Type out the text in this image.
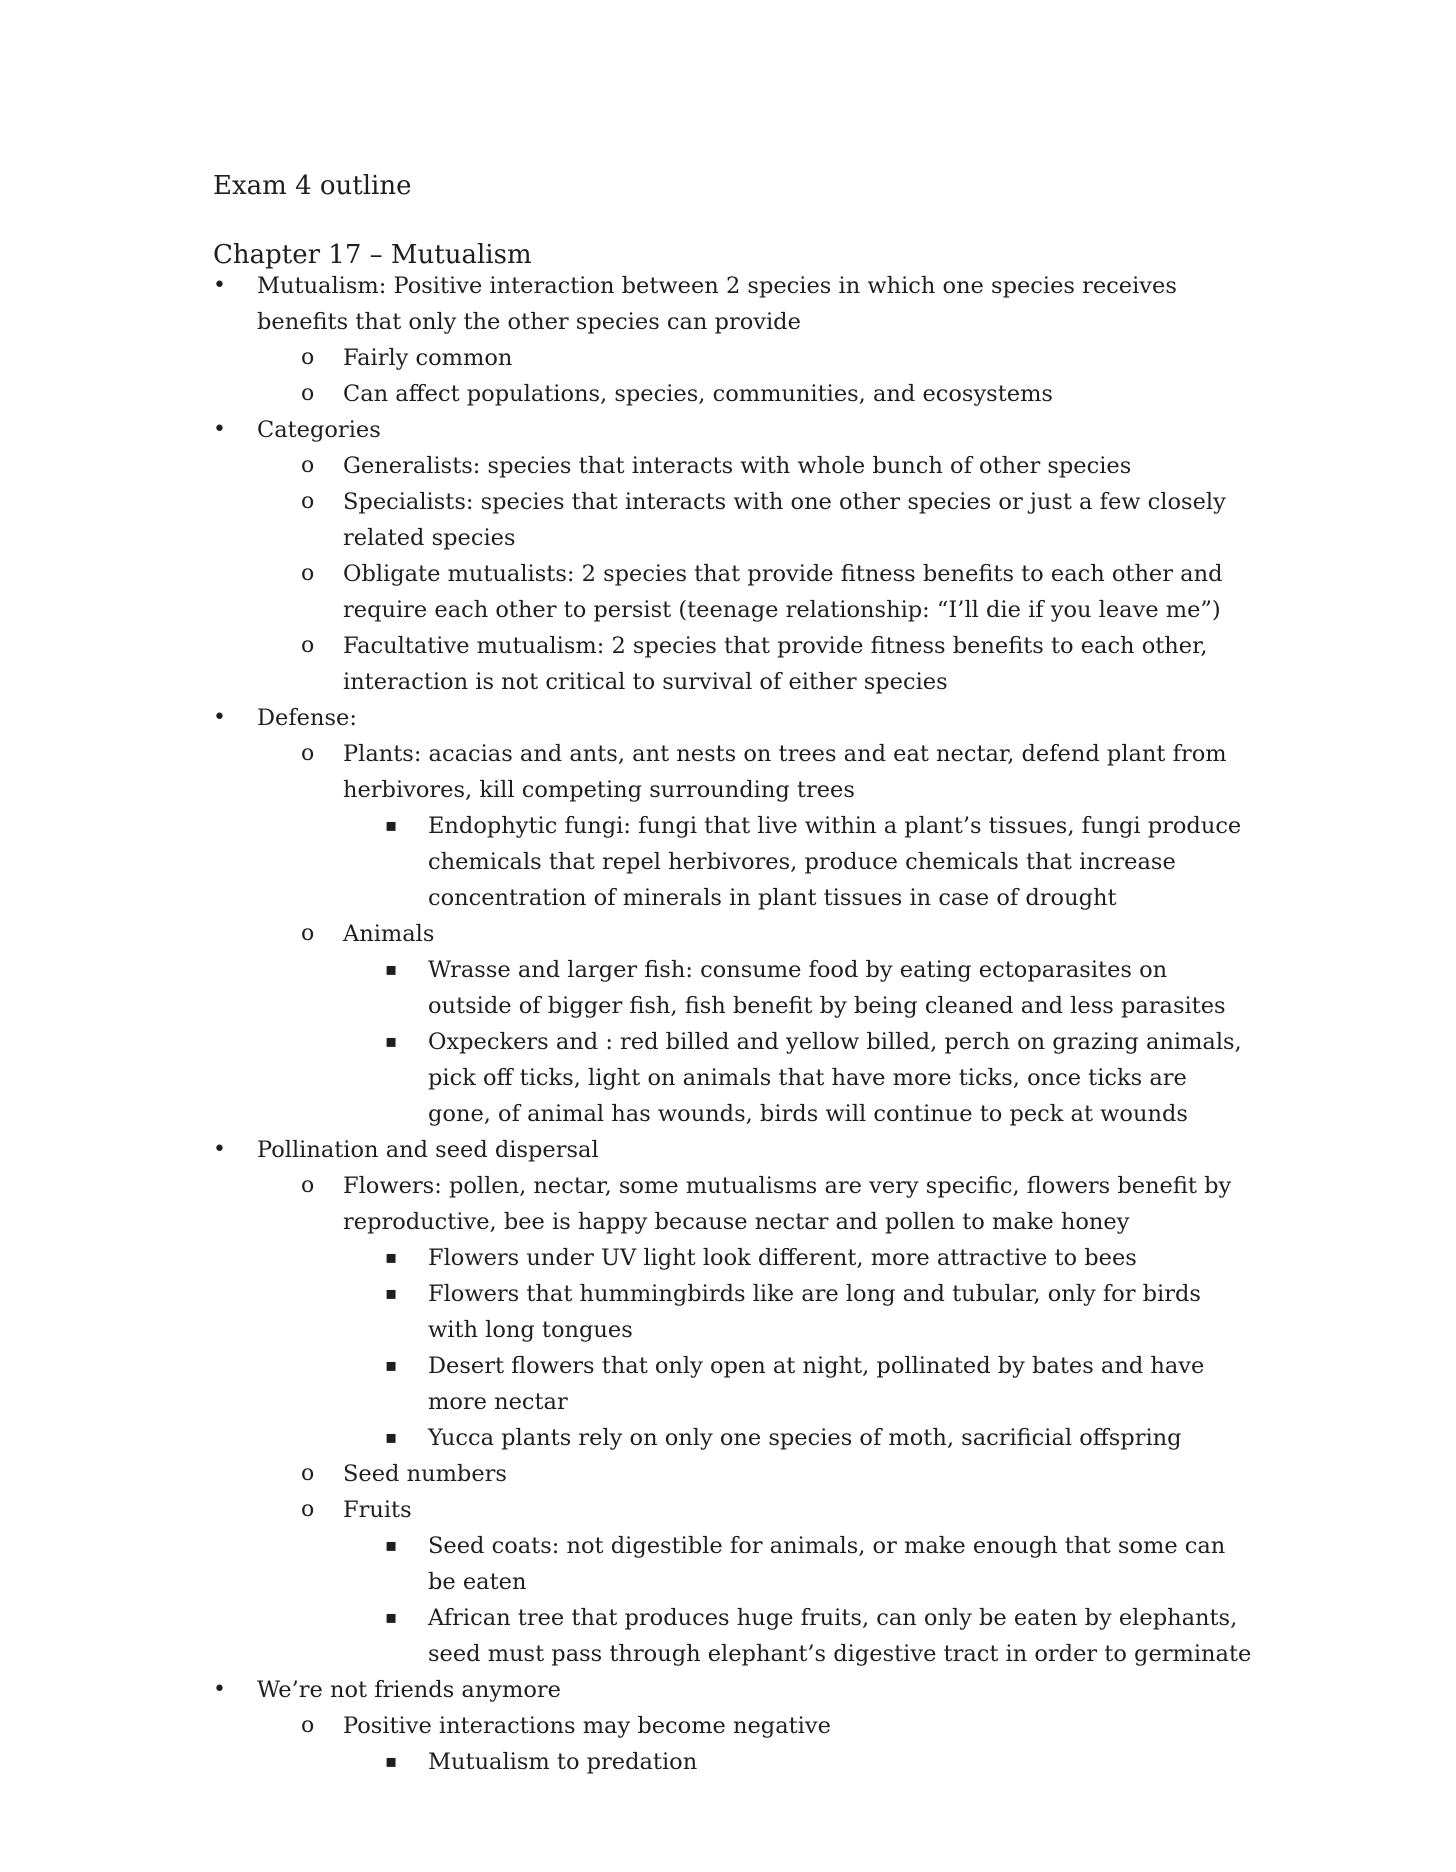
Exam 4 outline
Chapter 17 – Mutualism
• Mutualism: Positive interaction between 2 species in which one species receives benefits that only the other species can provide
o Fairly common
o Can affect populations, species, communities, and ecosystems
• Categories
o Generalists: species that interacts with whole bunch of other species
o Specialists: species that interacts with one other species or just a few closely related species
o Obligate mutualists: 2 species that provide fitness benefits to each other and require each other to persist (teenage relationship: “I’ll die if you leave me”)
o Facultative mutualism: 2 species that provide fitness benefits to each other, interaction is not critical to survival of either species
• Defense:
o Plants: acacias and ants, ant nests on trees and eat nectar, defend plant from herbivores, kill competing surrounding trees
▪ Endophytic fungi: fungi that live within a plant’s tissues, fungi produce chemicals that repel herbivores, produce chemicals that increase concentration of minerals in plant tissues in case of drought
o Animals
▪ Wrasse and larger fish: consume food by eating ectoparasites on outside of bigger fish, fish benefit by being cleaned and less parasites
▪ Oxpeckers and : red billed and yellow billed, perch on grazing animals, pick off ticks, light on animals that have more ticks, once ticks are gone, of animal has wounds, birds will continue to peck at wounds
• Pollination and seed dispersal
o Flowers: pollen, nectar, some mutualisms are very specific, flowers benefit by reproductive, bee is happy because nectar and pollen to make honey
▪ Flowers under UV light look different, more attractive to bees
▪ Flowers that hummingbirds like are long and tubular, only for birds with long tongues
▪ Desert flowers that only open at night, pollinated by bates and have more nectar
▪ Yucca plants rely on only one species of moth, sacrificial offspring
o Seed numbers
o Fruits
▪ Seed coats: not digestible for animals, or make enough that some can be eaten
▪ African tree that produces huge fruits, can only be eaten by elephants, seed must pass through elephant’s digestive tract in order to germinate
• We’re not friends anymore
o Positive interactions may become negative
▪ Mutualism to predation
